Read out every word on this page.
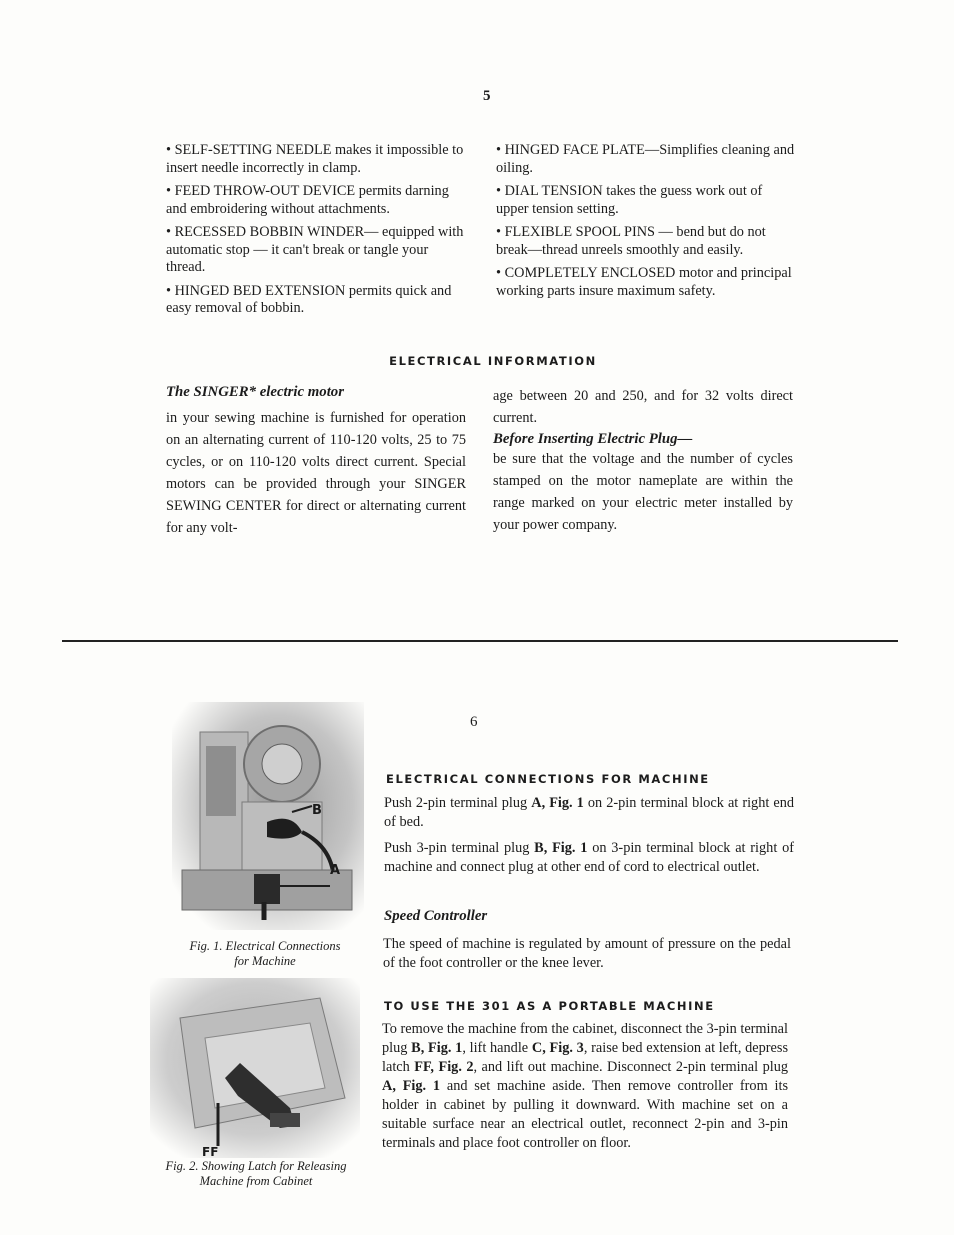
5

• SELF-SETTING NEEDLE makes it impossible to insert needle incorrectly in clamp.

• FEED THROW-OUT DEVICE permits darning and embroidering without attachments.

• RECESSED BOBBIN WINDER— equipped with automatic stop — it can't break or tangle your thread.

• HINGED BED EXTENSION permits quick and easy removal of bobbin.

• HINGED FACE PLATE—Simplifies cleaning and oiling.

• DIAL TENSION takes the guess work out of upper tension setting.

• FLEXIBLE SPOOL PINS — bend but do not break—thread unreels smoothly and easily.

• COMPLETELY ENCLOSED motor and principal working parts insure maximum safety.

ELECTRICAL INFORMATION
The SINGER* electric motor
in your sewing machine is furnished for operation on an alternating current of 110-120 volts, 25 to 75 cycles, or on 110-120 volts direct current. Special motors can be provided through your SINGER SEWING CENTER for direct or alternating current for any volt-
age between 20 and 250, and for 32 volts direct current.
Before Inserting Electric Plug—
be sure that the voltage and the number of cycles stamped on the motor nameplate are within the range marked on your electric meter installed by your power company.
6
B
A
Fig. 1. Electrical Connections
for Machine
FF
Fig. 2. Showing Latch for Releasing
Machine from Cabinet
ELECTRICAL CONNECTIONS FOR MACHINE
Push 2-pin terminal plug A, Fig. 1 on 2-pin terminal block at right end of bed.
Push 3-pin terminal plug B, Fig. 1 on 3-pin terminal block at right of machine and connect plug at other end of cord to electrical outlet.
Speed Controller
The speed of machine is regulated by amount of pressure on the pedal of the foot controller or the knee lever.
TO USE THE 301 AS A PORTABLE MACHINE
To remove the machine from the cabinet, disconnect the 3-pin terminal plug B, Fig. 1, lift handle C, Fig. 3, raise bed extension at left, depress latch FF, Fig. 2, and lift out machine. Disconnect 2-pin terminal plug A, Fig. 1 and set machine aside. Then remove controller from its holder in cabinet by pulling it downward. With machine set on a suitable surface near an electrical outlet, reconnect 2-pin and 3-pin terminals and place foot controller on floor.
